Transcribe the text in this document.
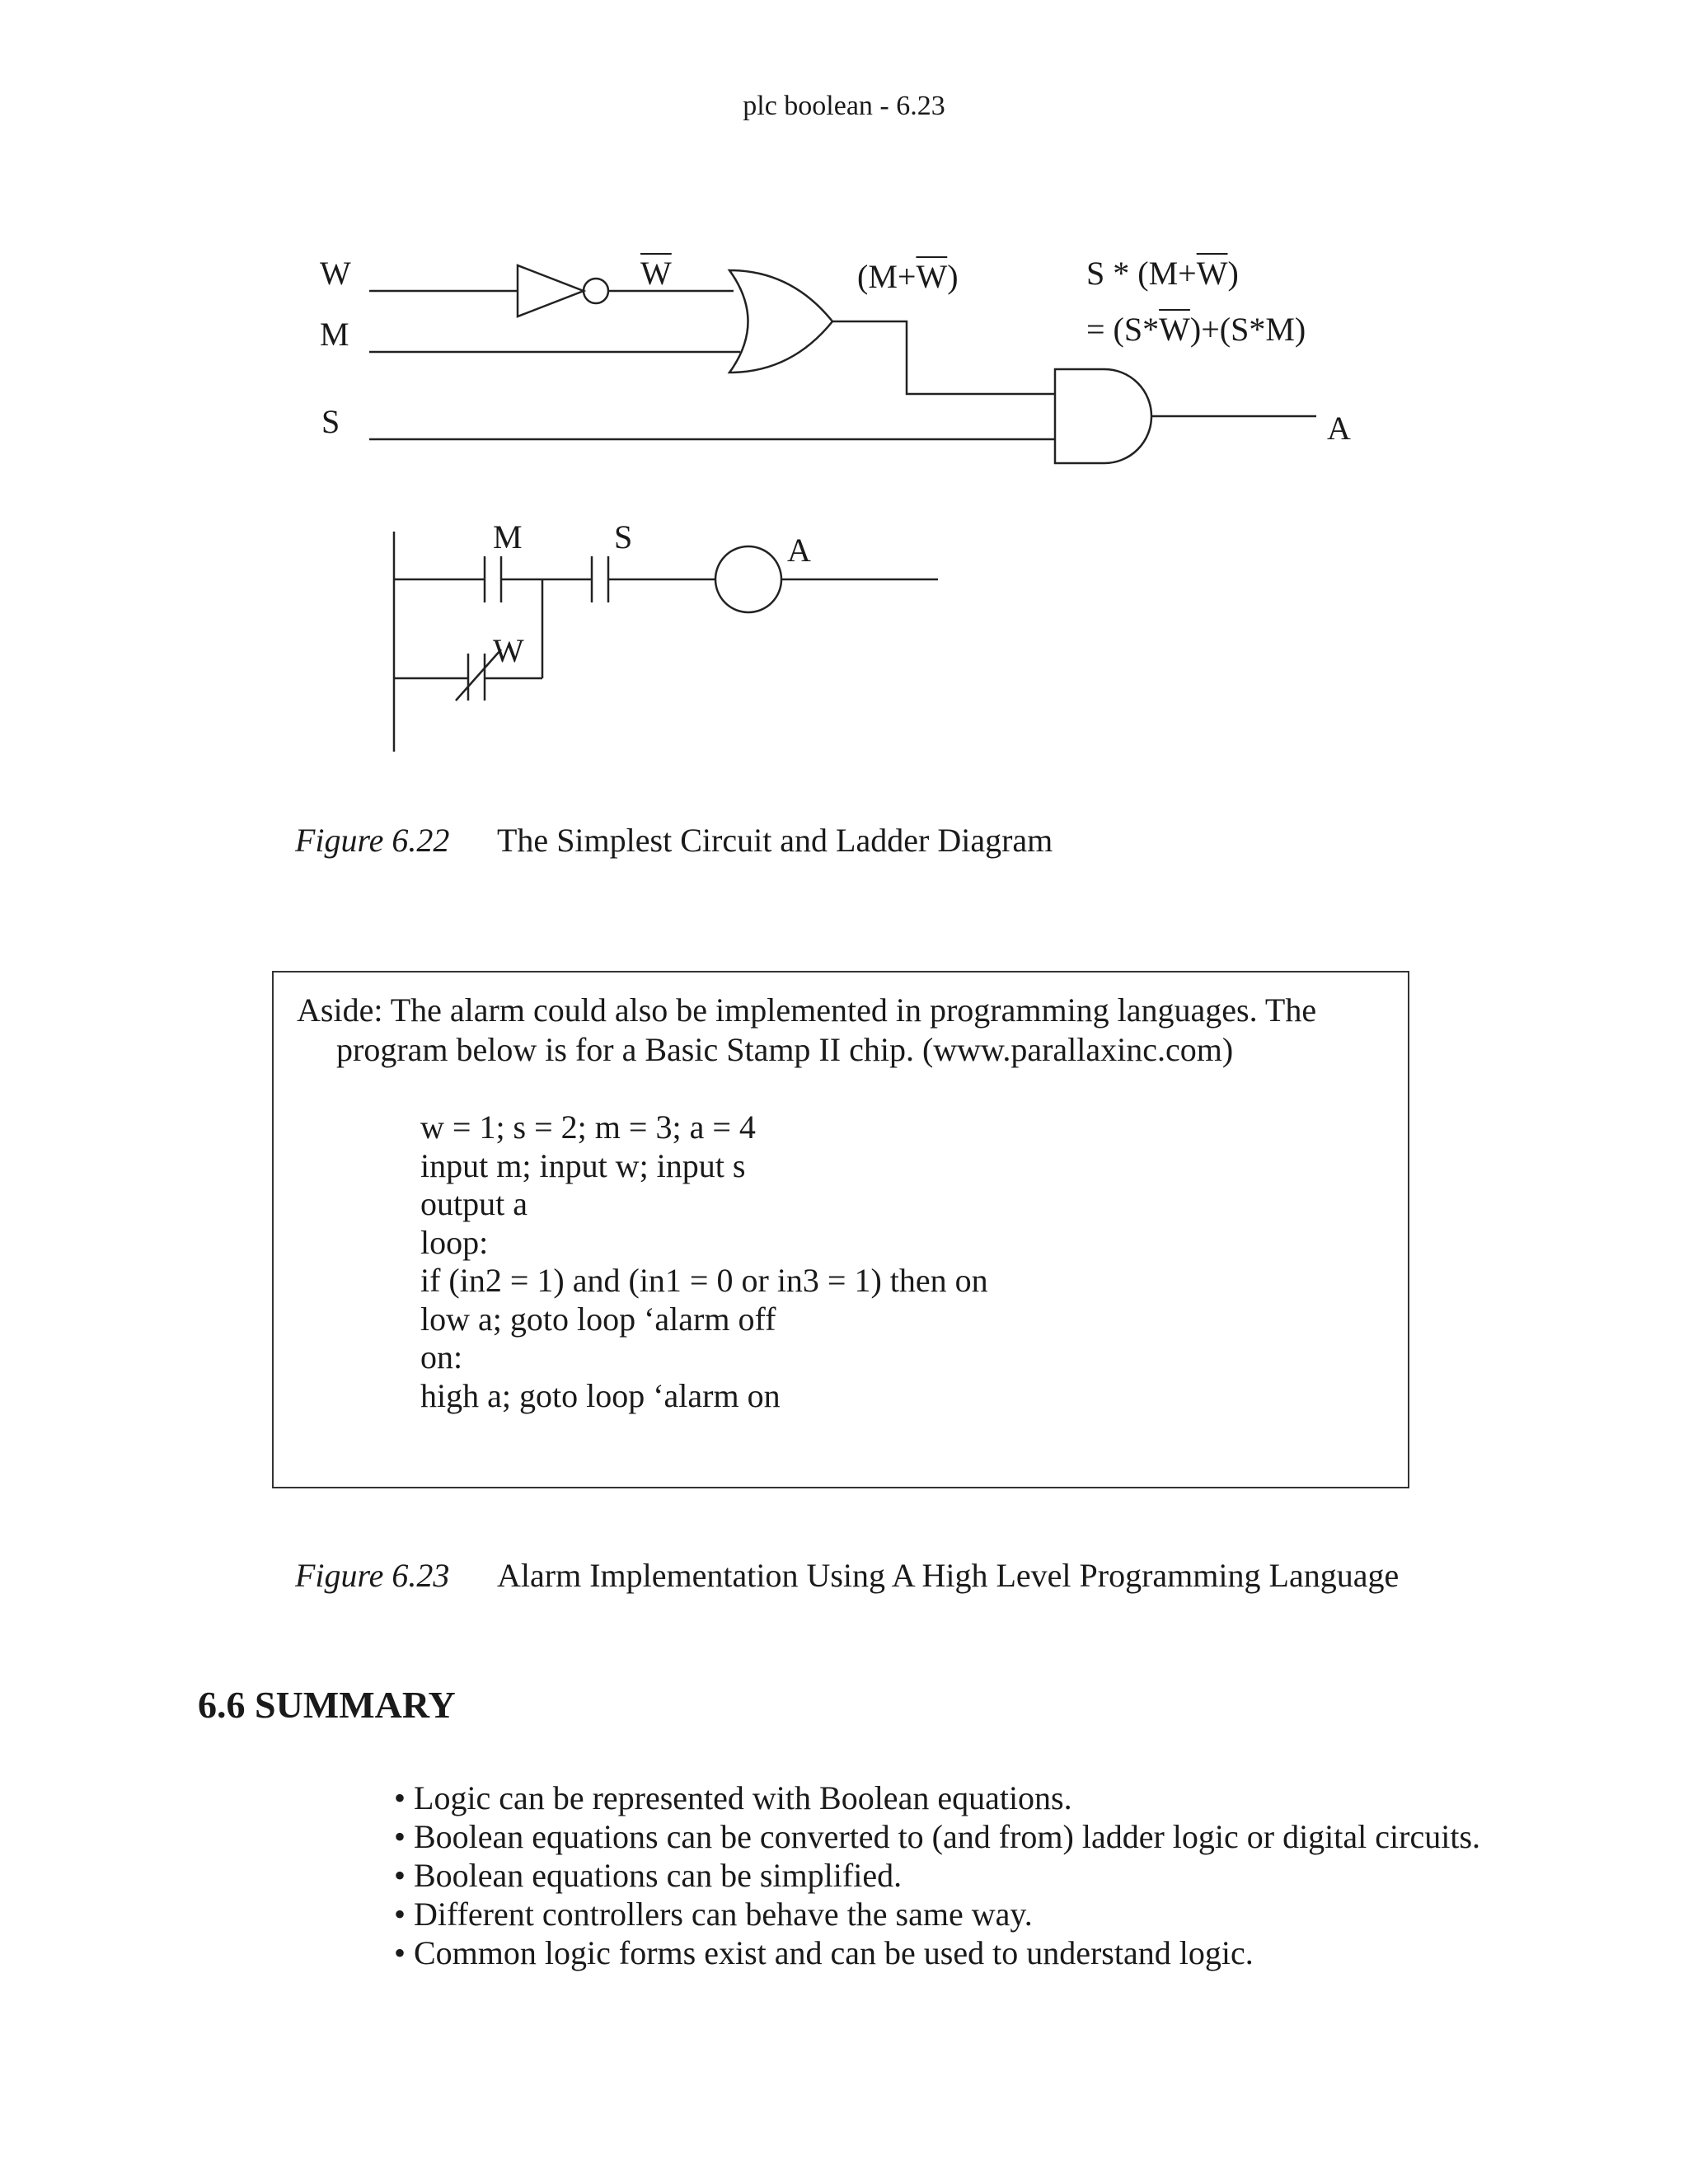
plc boolean - 6.23
W
M
S
$\overline{W}$	$(M+\overline{W})$	$S * (M+\overline{W})$
= $(S*\overline{W})+(S*M)$
A
M	S	A
W
Figure 6.22 The Simplest Circuit and Ladder Diagram
Aside: The alarm could also be implemented in programming languages. The program below is for a Basic Stamp II chip. (www.parallaxinc.com)
w = 1; s = 2; m = 3; a = 4
input m; input w; input s
output a
loop:
if (in2 = 1) and (in1 = 0 or in3 = 1) then on
low a; goto loop ‘alarm off
on:
high a; goto loop ‘alarm on
Figure 6.23 Alarm Implementation Using A High Level Programming Language
6.6 SUMMARY
• Logic can be represented with Boolean equations.
• Boolean equations can be converted to (and from) ladder logic or digital circuits.
• Boolean equations can be simplified.
• Different controllers can behave the same way.
• Common logic forms exist and can be used to understand logic.
